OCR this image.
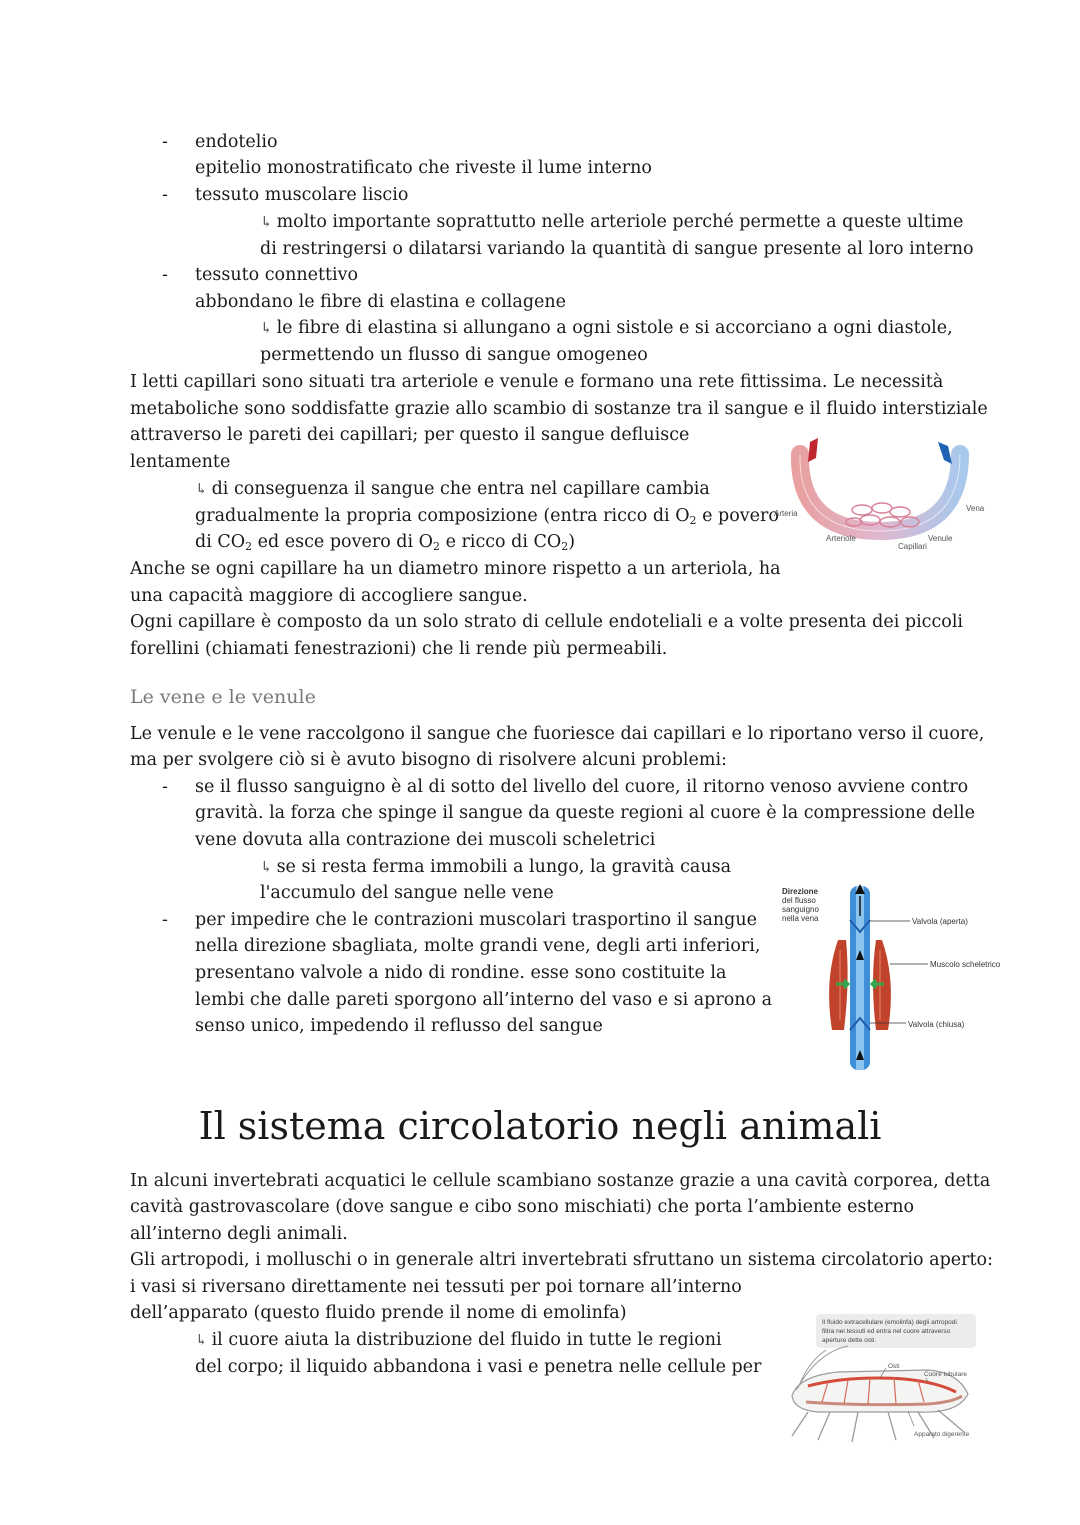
- endotelio
epitelio monostratificato che riveste il lume interno
- tessuto muscolare liscio
↳ molto importante soprattutto nelle arteriole perché permette a queste ultime
di restringersi o dilatarsi variando la quantità di sangue presente al loro interno
- tessuto connettivo
abbondano le fibre di elastina e collagene
↳ le fibre di elastina si allungano a ogni sistole e si accorciano a ogni diastole,
permettendo un flusso di sangue omogeneo
I letti capillari sono situati tra arteriole e venule e formano una rete fittissima. Le necessità
metaboliche sono soddisfatte grazie allo scambio di sostanze tra il sangue e il fluido interstiziale
attraverso le pareti dei capillari; per questo il sangue defluisce
lentamente
↳ di conseguenza il sangue che entra nel capillare cambia
gradualmente la propria composizione (entra ricco di $O_2$ e povero
di $CO_2$ ed esce povero di $O_2$ e ricco di $CO_2$)
Anche se ogni capillare ha un diametro minore rispetto a un arteriola, ha
una capacità maggiore di accogliere sangue.
Ogni capillare è composto da un solo strato di cellule endoteliali e a volte presenta dei piccoli
forellini (chiamati fenestrazioni) che li rende più permeabili.
Arteria
Vena
Arteriole	Venule
Capillari
Le vene e le venule
Le venule e le vene raccolgono il sangue che fuoriesce dai capillari e lo riportano verso il cuore,
ma per svolgere ciò si è avuto bisogno di risolvere alcuni problemi:
- se il flusso sanguigno è al di sotto del livello del cuore, il ritorno venoso avviene contro
gravità. la forza che spinge il sangue da queste regioni al cuore è la compressione delle
vene dovuta alla contrazione dei muscoli scheletrici
↳ se si resta ferma immobili a lungo, la gravità causa
l'accumulo del sangue nelle vene
- per impedire che le contrazioni muscolari trasportino il sangue
nella direzione sbagliata, molte grandi vene, degli arti inferiori,
presentano valvole a nido di rondine. esse sono costituite la
lembi che dalle pareti sporgono all’interno del vaso e si aprono a
senso unico, impedendo il reflusso del sangue
Direzione
del flusso
sanguigno
nella vena	Valvola (aperta)
Muscolo scheletrico
Valvola (chiusa)
Il sistema circolatorio negli animali
In alcuni invertebrati acquatici le cellule scambiano sostanze grazie a una cavità corporea, detta
cavità gastrovascolare (dove sangue e cibo sono mischiati) che porta l’ambiente esterno
all’interno degli animali.
Gli artropodi, i molluschi o in generale altri invertebrati sfruttano un sistema circolatorio aperto:
i vasi si riversano direttamente nei tessuti per poi tornare all’interno
dell’apparato (questo fluido prende il nome di emolinfa)
↳ il cuore aiuta la distribuzione del fluido in tutte le regioni
del corpo; il liquido abbandona i vasi e penetra nelle cellule per
Il fluido extracellulare (emolinfa) degli artropodi
filtra nei tessuti ed entra nel cuore attraverso
aperture dette osti.
Osti
Cuore tubulare
Apparato digerente
